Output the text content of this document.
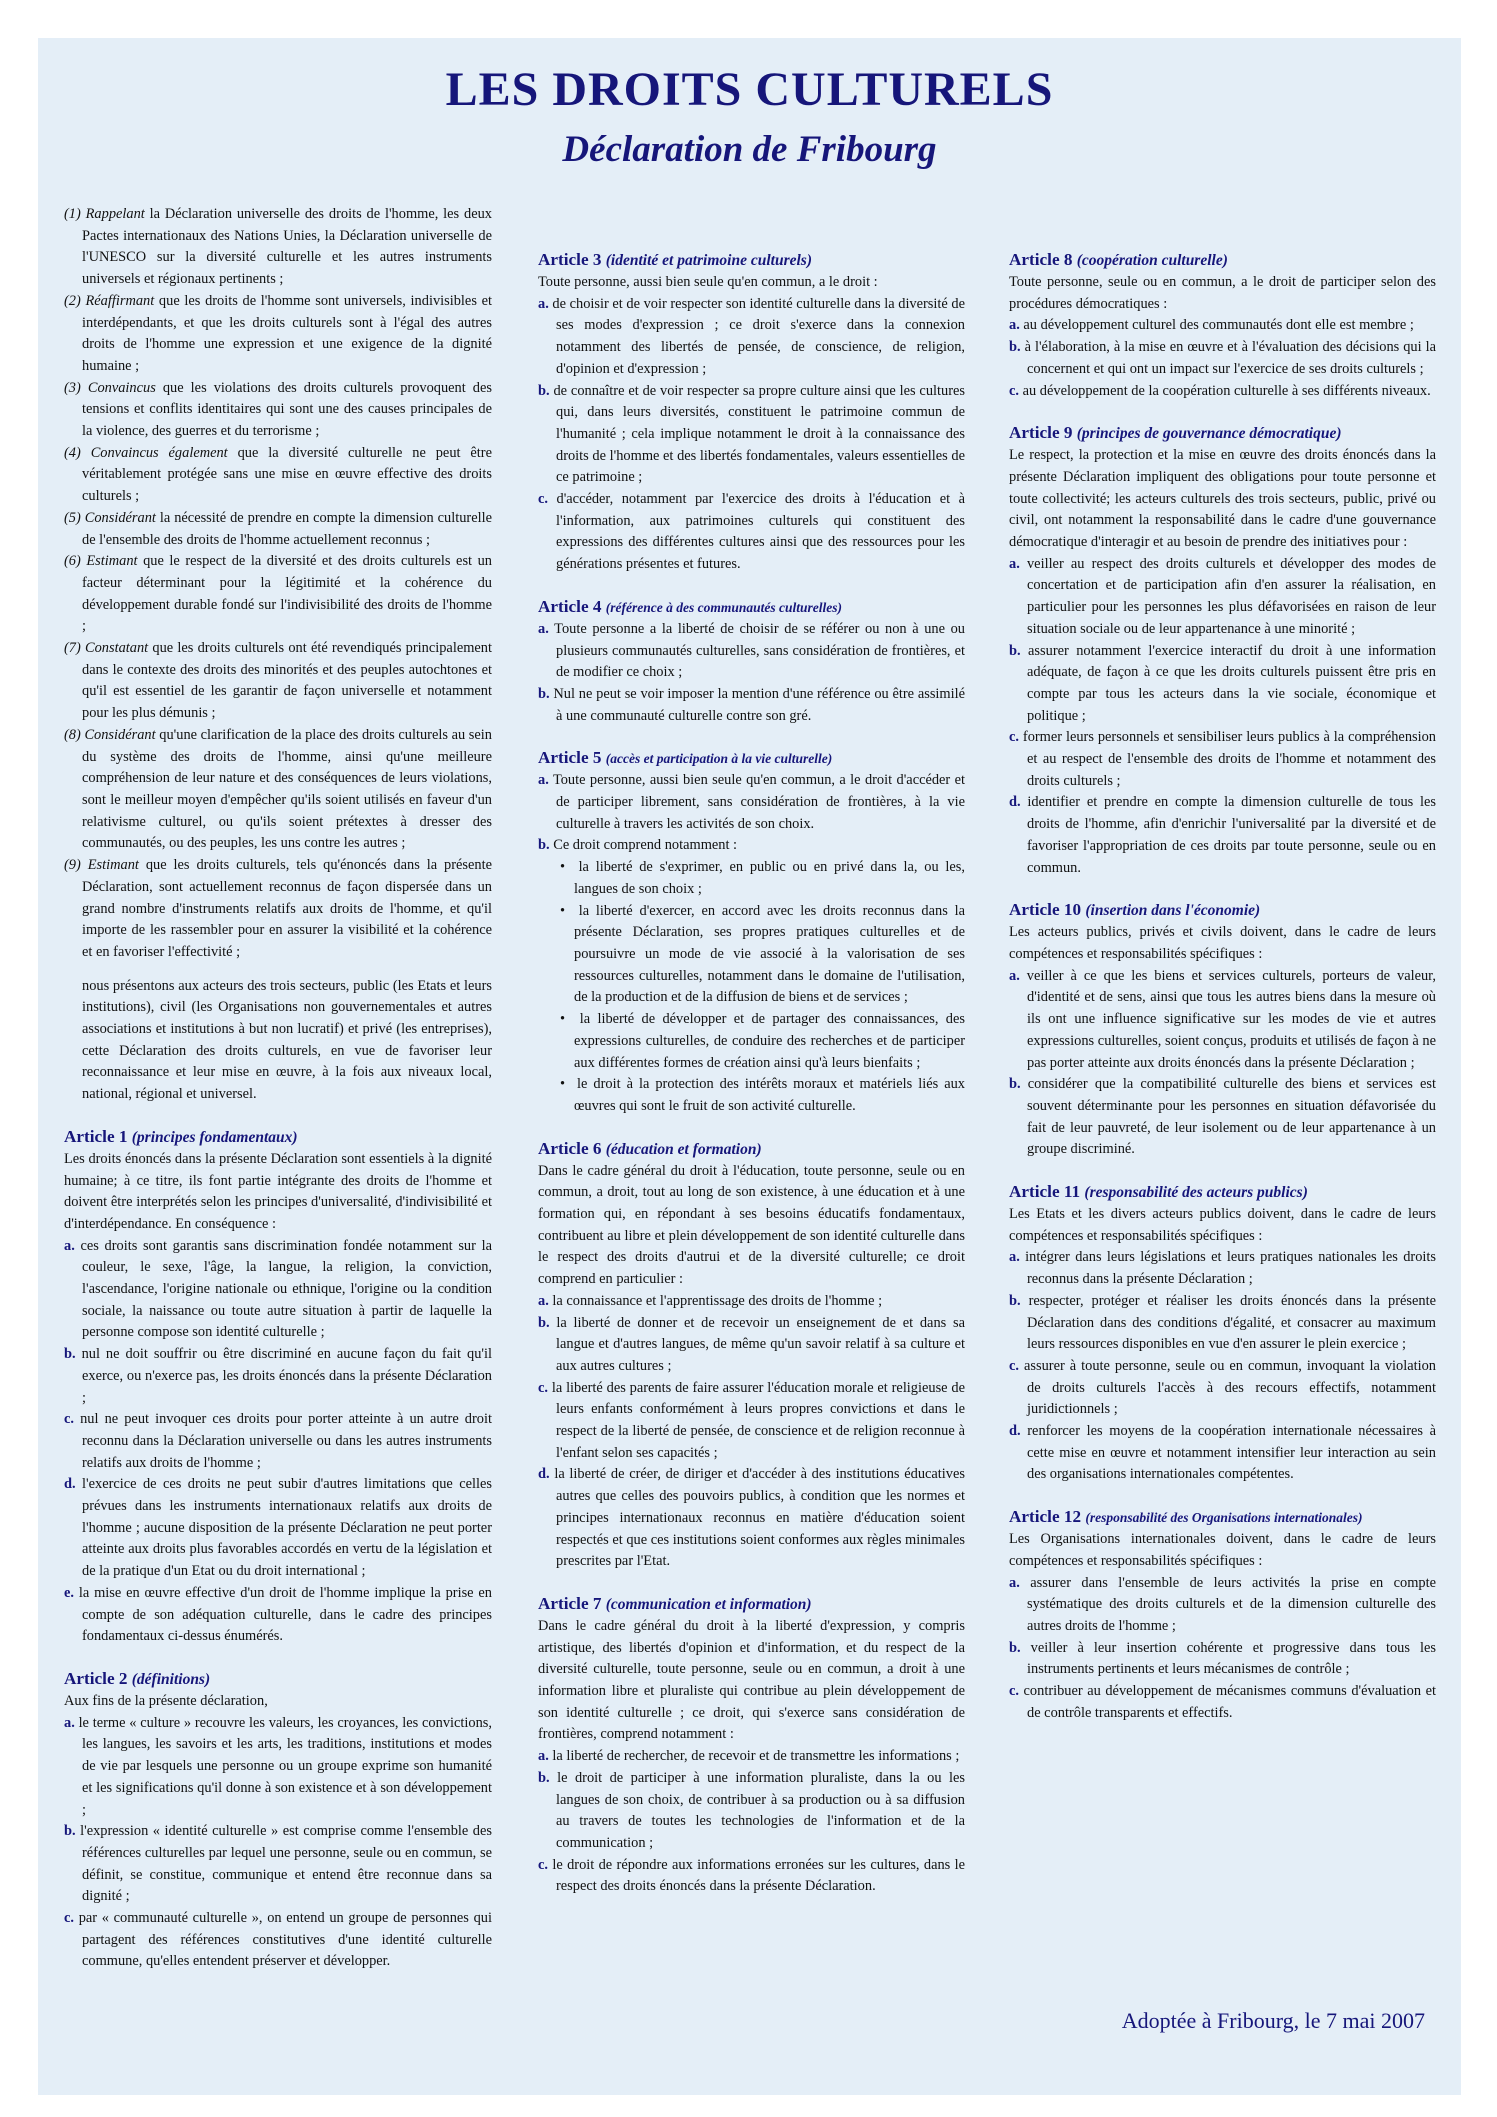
LES DROITS CULTURELS
Déclaration de Fribourg
(1) Rappelant la Déclaration universelle des droits de l'homme, les deux Pactes internationaux des Nations Unies, la Déclaration universelle de l'UNESCO sur la diversité culturelle et les autres instruments universels et régionaux pertinents ;
(2) Réaffirmant que les droits de l'homme sont universels, indivisibles et interdépendants, et que les droits culturels sont à l'égal des autres droits de l'homme une expression et une exigence de la dignité humaine ;
(3) Convaincus que les violations des droits culturels provoquent des tensions et conflits identitaires qui sont une des causes principales de la violence, des guerres et du terrorisme ;
(4) Convaincus également que la diversité culturelle ne peut être véritablement protégée sans une mise en œuvre effective des droits culturels ;
(5) Considérant la nécessité de prendre en compte la dimension culturelle de l'ensemble des droits de l'homme actuellement reconnus ;
(6) Estimant que le respect de la diversité et des droits culturels est un facteur déterminant pour la légitimité et la cohérence du développement durable fondé sur l'indivisibilité des droits de l'homme ;
(7) Constatant que les droits culturels ont été revendiqués principalement dans le contexte des droits des minorités et des peuples autochtones et qu'il est essentiel de les garantir de façon universelle et notamment pour les plus démunis ;
(8) Considérant qu'une clarification de la place des droits culturels au sein du système des droits de l'homme, ainsi qu'une meilleure compréhension de leur nature et des conséquences de leurs violations, sont le meilleur moyen d'empêcher qu'ils soient utilisés en faveur d'un relativisme culturel, ou qu'ils soient prétextes à dresser des communautés, ou des peuples, les uns contre les autres ;
(9) Estimant que les droits culturels, tels qu'énoncés dans la présente Déclaration, sont actuellement reconnus de façon dispersée dans un grand nombre d'instruments relatifs aux droits de l'homme, et qu'il importe de les rassembler pour en assurer la visibilité et la cohérence et en favoriser l'effectivité ;
nous présentons aux acteurs des trois secteurs, public (les Etats et leurs institutions), civil (les Organisations non gouvernementales et autres associations et institutions à but non lucratif) et privé (les entreprises), cette Déclaration des droits culturels, en vue de favoriser leur reconnaissance et leur mise en œuvre, à la fois aux niveaux local, national, régional et universel.
Article 1 (principes fondamentaux)
Les droits énoncés dans la présente Déclaration sont essentiels à la dignité humaine; à ce titre, ils font partie intégrante des droits de l'homme et doivent être interprétés selon les principes d'universalité, d'indivisibilité et d'interdépendance. En conséquence :
a. ces droits sont garantis sans discrimination fondée notamment sur la couleur, le sexe, l'âge, la langue, la religion, la conviction, l'ascendance, l'origine nationale ou ethnique, l'origine ou la condition sociale, la naissance ou toute autre situation à partir de laquelle la personne compose son identité culturelle ;
b. nul ne doit souffrir ou être discriminé en aucune façon du fait qu'il exerce, ou n'exerce pas, les droits énoncés dans la présente Déclaration ;
c. nul ne peut invoquer ces droits pour porter atteinte à un autre droit reconnu dans la Déclaration universelle ou dans les autres instruments relatifs aux droits de l'homme ;
d. l'exercice de ces droits ne peut subir d'autres limitations que celles prévues dans les instruments internationaux relatifs aux droits de l'homme ; aucune disposition de la présente Déclaration ne peut porter atteinte aux droits plus favorables accordés en vertu de la législation et de la pratique d'un Etat ou du droit international ;
e. la mise en œuvre effective d'un droit de l'homme implique la prise en compte de son adéquation culturelle, dans le cadre des principes fondamentaux ci-dessus énumérés.
Article 2 (définitions)
Aux fins de la présente déclaration,
a. le terme « culture » recouvre les valeurs, les croyances, les convictions, les langues, les savoirs et les arts, les traditions, institutions et modes de vie par lesquels une personne ou un groupe exprime son humanité et les significations qu'il donne à son existence et à son développement ;
b. l'expression « identité culturelle » est comprise comme l'ensemble des références culturelles par lequel une personne, seule ou en commun, se définit, se constitue, communique et entend être reconnue dans sa dignité ;
c. par « communauté culturelle », on entend un groupe de personnes qui partagent des références constitutives d'une identité culturelle commune, qu'elles entendent préserver et développer.
Article 3 (identité et patrimoine culturels)
Toute personne, aussi bien seule qu'en commun, a le droit :
a. de choisir et de voir respecter son identité culturelle dans la diversité de ses modes d'expression ; ce droit s'exerce dans la connexion notamment des libertés de pensée, de conscience, de religion, d'opinion et d'expression ;
b. de connaître et de voir respecter sa propre culture ainsi que les cultures qui, dans leurs diversités, constituent le patrimoine commun de l'humanité ; cela implique notamment le droit à la connaissance des droits de l'homme et des libertés fondamentales, valeurs essentielles de ce patrimoine ;
c. d'accéder, notamment par l'exercice des droits à l'éducation et à l'information, aux patrimoines culturels qui constituent des expressions des différentes cultures ainsi que des ressources pour les générations présentes et futures.
Article 4 (référence à des communautés culturelles)
a. Toute personne a la liberté de choisir de se référer ou non à une ou plusieurs communautés culturelles, sans considération de frontières, et de modifier ce choix ;
b. Nul ne peut se voir imposer la mention d'une référence ou être assimilé à une communauté culturelle contre son gré.
Article 5 (accès et participation à la vie culturelle)
a. Toute personne, aussi bien seule qu'en commun, a le droit d'accéder et de participer librement, sans considération de frontières, à la vie culturelle à travers les activités de son choix.
b. Ce droit comprend notamment :
•  la liberté de s'exprimer, en public ou en privé dans la, ou les, langues de son choix ;
•  la liberté d'exercer, en accord avec les droits reconnus dans la présente Déclaration, ses propres pratiques culturelles et de poursuivre un mode de vie associé à la valorisation de ses ressources culturelles, notamment dans le domaine de l'utilisation, de la production et de la diffusion de biens et de services ;
•  la liberté de développer et de partager des connaissances, des expressions culturelles, de conduire des recherches et de participer aux différentes formes de création ainsi qu'à leurs bienfaits ;
•  le droit à la protection des intérêts moraux et matériels liés aux œuvres qui sont le fruit de son activité culturelle.
Article 6 (éducation et formation)
Dans le cadre général du droit à l'éducation, toute personne, seule ou en commun, a droit, tout au long de son existence, à une éducation et à une formation qui, en répondant à ses besoins éducatifs fondamentaux, contribuent au libre et plein développement de son identité culturelle dans le respect des droits d'autrui et de la diversité culturelle; ce droit comprend en particulier :
a. la connaissance et l'apprentissage des droits de l'homme ;
b. la liberté de donner et de recevoir un enseignement de et dans sa langue et d'autres langues, de même qu'un savoir relatif à sa culture et aux autres cultures ;
c. la liberté des parents de faire assurer l'éducation morale et religieuse de leurs enfants conformément à leurs propres convictions et dans le respect de la liberté de pensée, de conscience et de religion reconnue à l'enfant selon ses capacités ;
d. la liberté de créer, de diriger et d'accéder à des institutions éducatives autres que celles des pouvoirs publics, à condition que les normes et principes internationaux reconnus en matière d'éducation soient respectés et que ces institutions soient conformes aux règles minimales prescrites par l'Etat.
Article 7 (communication et information)
Dans le cadre général du droit à la liberté d'expression, y compris artistique, des libertés d'opinion et d'information, et du respect de la diversité culturelle, toute personne, seule ou en commun, a droit à une information libre et pluraliste qui contribue au plein développement de son identité culturelle ; ce droit, qui s'exerce sans considération de frontières, comprend notamment :
a. la liberté de rechercher, de recevoir et de transmettre les informations ;
b. le droit de participer à une information pluraliste, dans la ou les langues de son choix, de contribuer à sa production ou à sa diffusion au travers de toutes les technologies de l'information et de la communication ;
c. le droit de répondre aux informations erronées sur les cultures, dans le respect des droits énoncés dans la présente Déclaration.
Article 8 (coopération culturelle)
Toute personne, seule ou en commun, a le droit de participer selon des procédures démocratiques :
a. au développement culturel des communautés dont elle est membre ;
b. à l'élaboration, à la mise en œuvre et à l'évaluation des décisions qui la concernent et qui ont un impact sur l'exercice de ses droits culturels ;
c. au développement de la coopération culturelle à ses différents niveaux.
Article 9 (principes de gouvernance démocratique)
Le respect, la protection et la mise en œuvre des droits énoncés dans la présente Déclaration impliquent des obligations pour toute personne et toute collectivité; les acteurs culturels des trois secteurs, public, privé ou civil, ont notamment la responsabilité dans le cadre d'une gouvernance démocratique d'interagir et au besoin de prendre des initiatives pour :
a. veiller au respect des droits culturels et développer des modes de concertation et de participation afin d'en assurer la réalisation, en particulier pour les personnes les plus défavorisées en raison de leur situation sociale ou de leur appartenance à une minorité ;
b. assurer notamment l'exercice interactif du droit à une information adéquate, de façon à ce que les droits culturels puissent être pris en compte par tous les acteurs dans la vie sociale, économique et politique ;
c. former leurs personnels et sensibiliser leurs publics à la compréhension et au respect de l'ensemble des droits de l'homme et notamment des droits culturels ;
d. identifier et prendre en compte la dimension culturelle de tous les droits de l'homme, afin d'enrichir l'universalité par la diversité et de favoriser l'appropriation de ces droits par toute personne, seule ou en commun.
Article 10 (insertion dans l'économie)
Les acteurs publics, privés et civils doivent, dans le cadre de leurs compétences et responsabilités spécifiques :
a. veiller à ce que les biens et services culturels, porteurs de valeur, d'identité et de sens, ainsi que tous les autres biens dans la mesure où ils ont une influence significative sur les modes de vie et autres expressions culturelles, soient conçus, produits et utilisés de façon à ne pas porter atteinte aux droits énoncés dans la présente Déclaration ;
b. considérer que la compatibilité culturelle des biens et services est souvent déterminante pour les personnes en situation défavorisée du fait de leur pauvreté, de leur isolement ou de leur appartenance à un groupe discriminé.
Article 11 (responsabilité des acteurs publics)
Les Etats et les divers acteurs publics doivent, dans le cadre de leurs compétences et responsabilités spécifiques :
a. intégrer dans leurs législations et leurs pratiques nationales les droits reconnus dans la présente Déclaration ;
b. respecter, protéger et réaliser les droits énoncés dans la présente Déclaration dans des conditions d'égalité, et consacrer au maximum leurs ressources disponibles en vue d'en assurer le plein exercice ;
c. assurer à toute personne, seule ou en commun, invoquant la violation de droits culturels l'accès à des recours effectifs, notamment juridictionnels ;
d. renforcer les moyens de la coopération internationale nécessaires à cette mise en œuvre et notamment intensifier leur interaction au sein des organisations internationales compétentes.
Article 12 (responsabilité des Organisations internationales)
Les Organisations internationales doivent, dans le cadre de leurs compétences et responsabilités spécifiques :
a. assurer dans l'ensemble de leurs activités la prise en compte systématique des droits culturels et de la dimension culturelle des autres droits de l'homme ;
b. veiller à leur insertion cohérente et progressive dans tous les instruments pertinents et leurs mécanismes de contrôle ;
c. contribuer au développement de mécanismes communs d'évaluation et de contrôle transparents et effectifs.
Adoptée à Fribourg, le 7 mai 2007
